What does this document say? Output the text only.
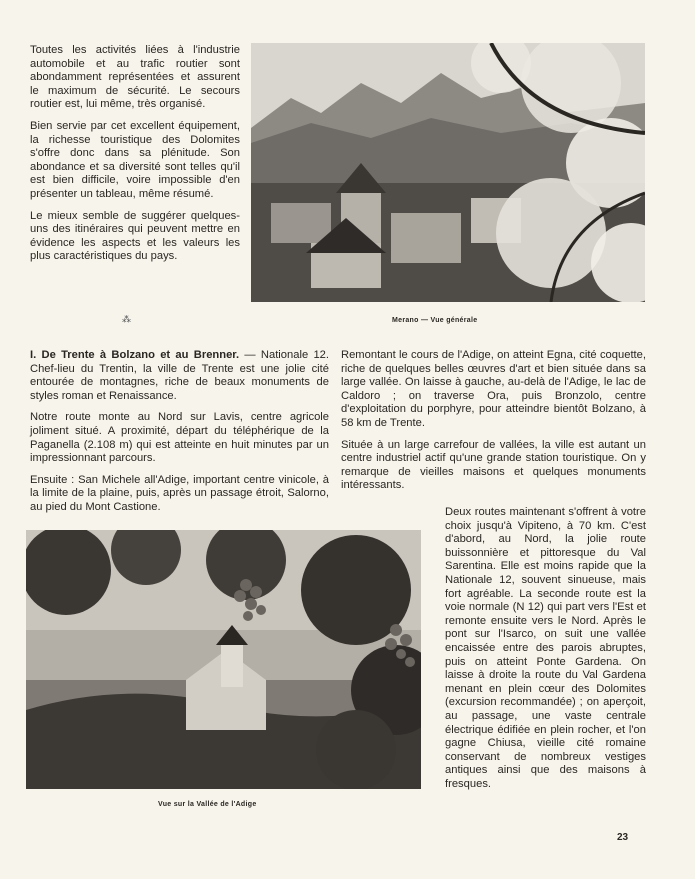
Toutes les activités liées à l'industrie automobile et au trafic routier sont abondamment représentées et assurent le maximum de sécurité. Le secours routier est, lui même, très organisé.

Bien servie par cet excellent équipement, la richesse touristique des Dolomites s'offre donc dans sa plénitude. Son abondance et sa diversité sont telles qu'il est bien difficile, voire impossible d'en présenter un tableau, même résumé.

Le mieux semble de suggérer quelques-uns des itinéraires qui peuvent mettre en évidence les aspects et les valeurs les plus caractéristiques du pays.

⁂	Merano — Vue générale

I. De Trente à Bolzano et au Brenner. — Nationale 12. Chef-lieu du Trentin, la ville de Trente est une jolie cité entourée de montagnes, riche de beaux monuments de styles roman et Renaissance.

Notre route monte au Nord sur Lavis, centre agricole joliment situé. A proximité, départ du téléphérique de la Paganella (2.108 m) qui est atteinte en huit minutes par un impressionnant parcours.

Ensuite : San Michele all'Adige, important centre vinicole, à la limite de la plaine, puis, après un passage étroit, Salorno, au pied du Mont Castione.

Remontant le cours de l'Adige, on atteint Egna, cité coquette, riche de quelques belles œuvres d'art et bien située dans sa large vallée. On laisse à gauche, au-delà de l'Adige, le lac de Caldoro ; on traverse Ora, puis Bronzolo, centre d'exploitation du porphyre, pour atteindre bientôt Bolzano, à 58 km de Trente.

Située à un large carrefour de vallées, la ville est autant un centre industriel actif qu'une grande station touristique. On y remarque de vieilles maisons et quelques monuments intéressants.

Vue sur la Vallée de l'Adige

Deux routes maintenant s'offrent à votre choix jusqu'à Vipiteno, à 70 km. C'est d'abord, au Nord, la jolie route buissonnière et pittoresque du Val Sarentina. Elle est moins rapide que la Nationale 12, souvent sinueuse, mais fort agréable. La seconde route est la voie normale (N 12) qui part vers l'Est et remonte ensuite vers le Nord. Après le pont sur l'Isarco, on suit une vallée encaissée entre des parois abruptes, puis on atteint Ponte Gardena. On laisse à droite la route du Val Gardena menant en plein cœur des Dolomites (excursion recommandée) ; on aperçoit, au passage, une vaste centrale électrique édifiée en plein rocher, et l'on gagne Chiusa, vieille cité romaine conservant de nombreux vestiges antiques ainsi que des maisons à fresques.

23
